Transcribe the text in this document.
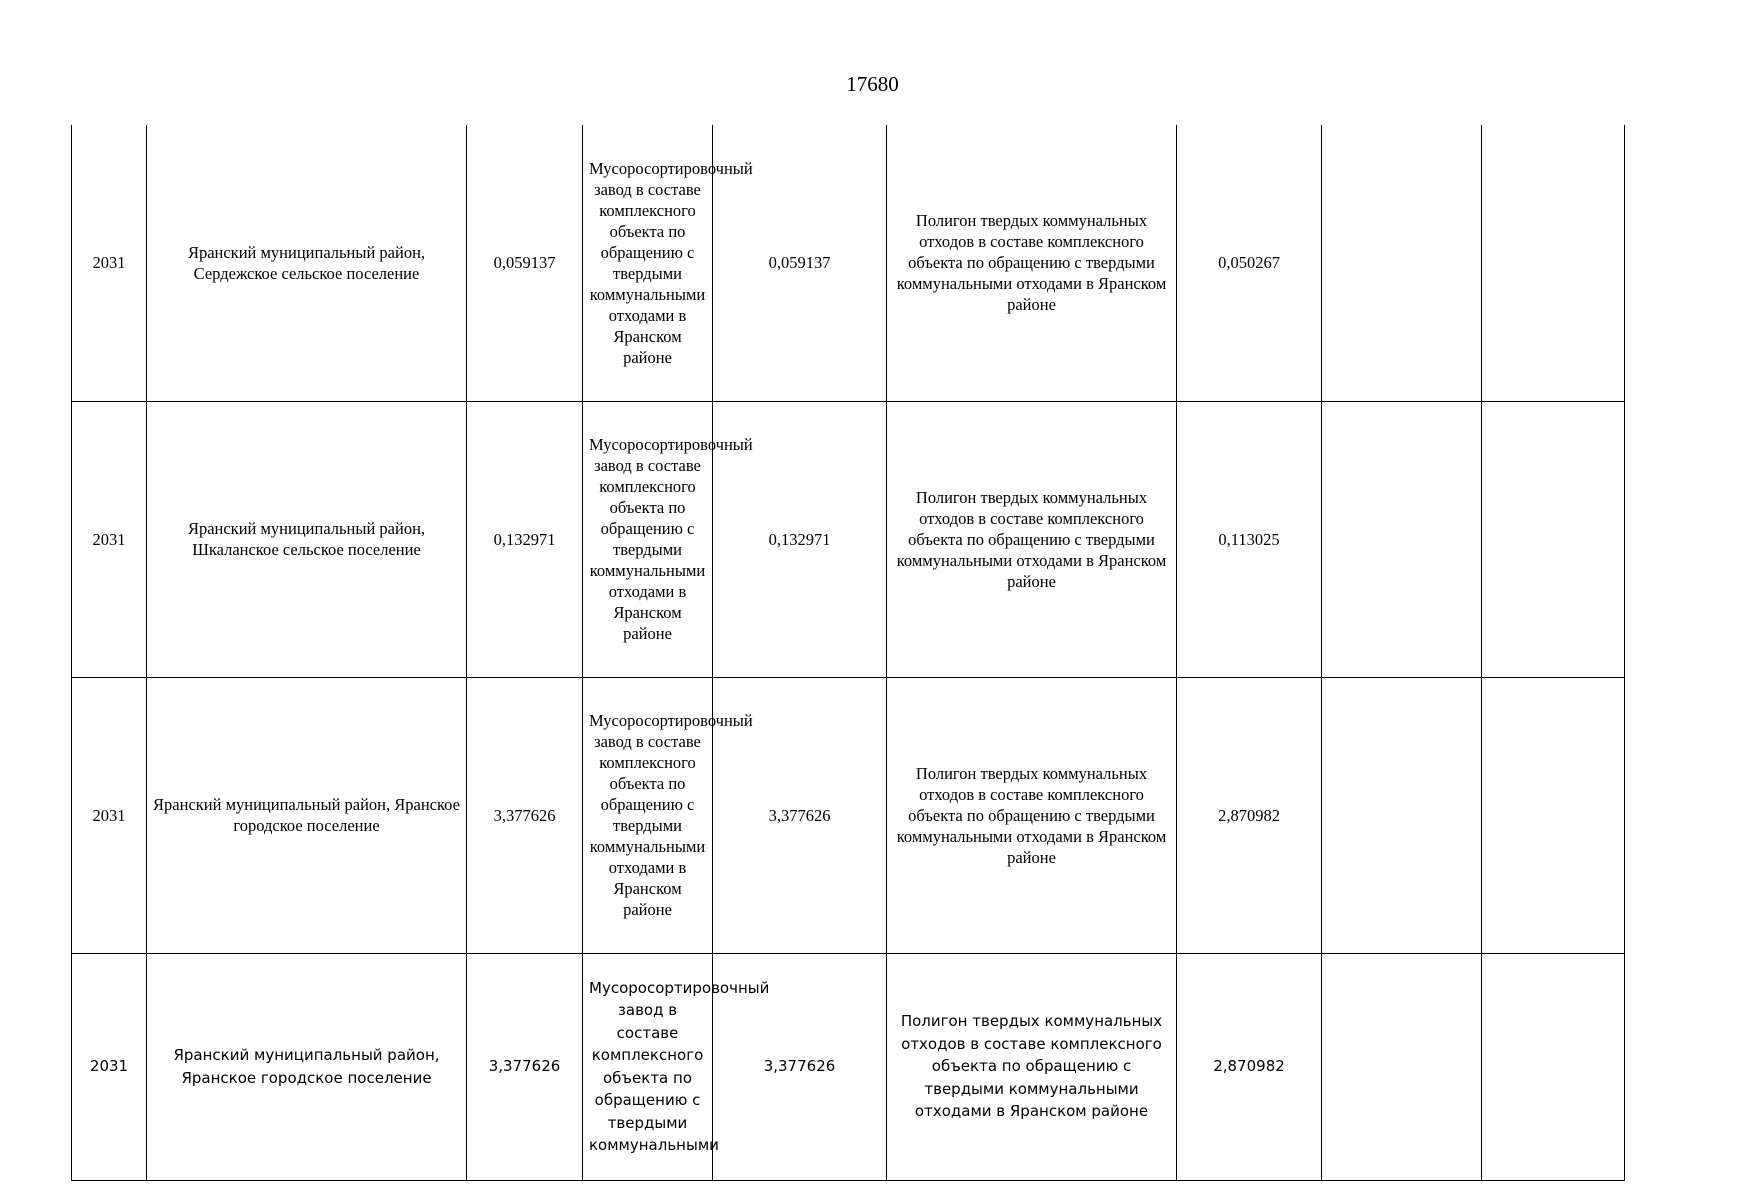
17680
2031	Яранский муниципальный район, Сердежское сельское поселение	0,059137	Мусоросортировочный завод в составе комплексного объекта по обращению с твердыми коммунальными отходами в Яранском районе	0,059137	Полигон твердых коммунальных отходов в составе комплексного объекта по обращению с твердыми коммунальными отходами в Яранском районе	0,050267		
2031	Яранский муниципальный район, Шкаланское сельское поселение	0,132971	Мусоросортировочный завод в составе комплексного объекта по обращению с твердыми коммунальными отходами в Яранском районе	0,132971	Полигон твердых коммунальных отходов в составе комплексного объекта по обращению с твердыми коммунальными отходами в Яранском районе	0,113025		
2031	Яранский муниципальный район, Яранское городское поселение	3,377626	Мусоросортировочный завод в составе комплексного объекта по обращению с твердыми коммунальными отходами в Яранском районе	3,377626	Полигон твердых коммунальных отходов в составе комплексного объекта по обращению с твердыми коммунальными отходами в Яранском районе	2,870982		
2031	Яранский муниципальный район, Яранское городское поселение	3,377626	Мусоросортировочный завод в составе комплексного объекта по обращению с твердыми коммунальными	3,377626	Полигон твердых коммунальных отходов в составе комплексного объекта по обращению с твердыми коммунальными отходами в Яранском районе	2,870982		
